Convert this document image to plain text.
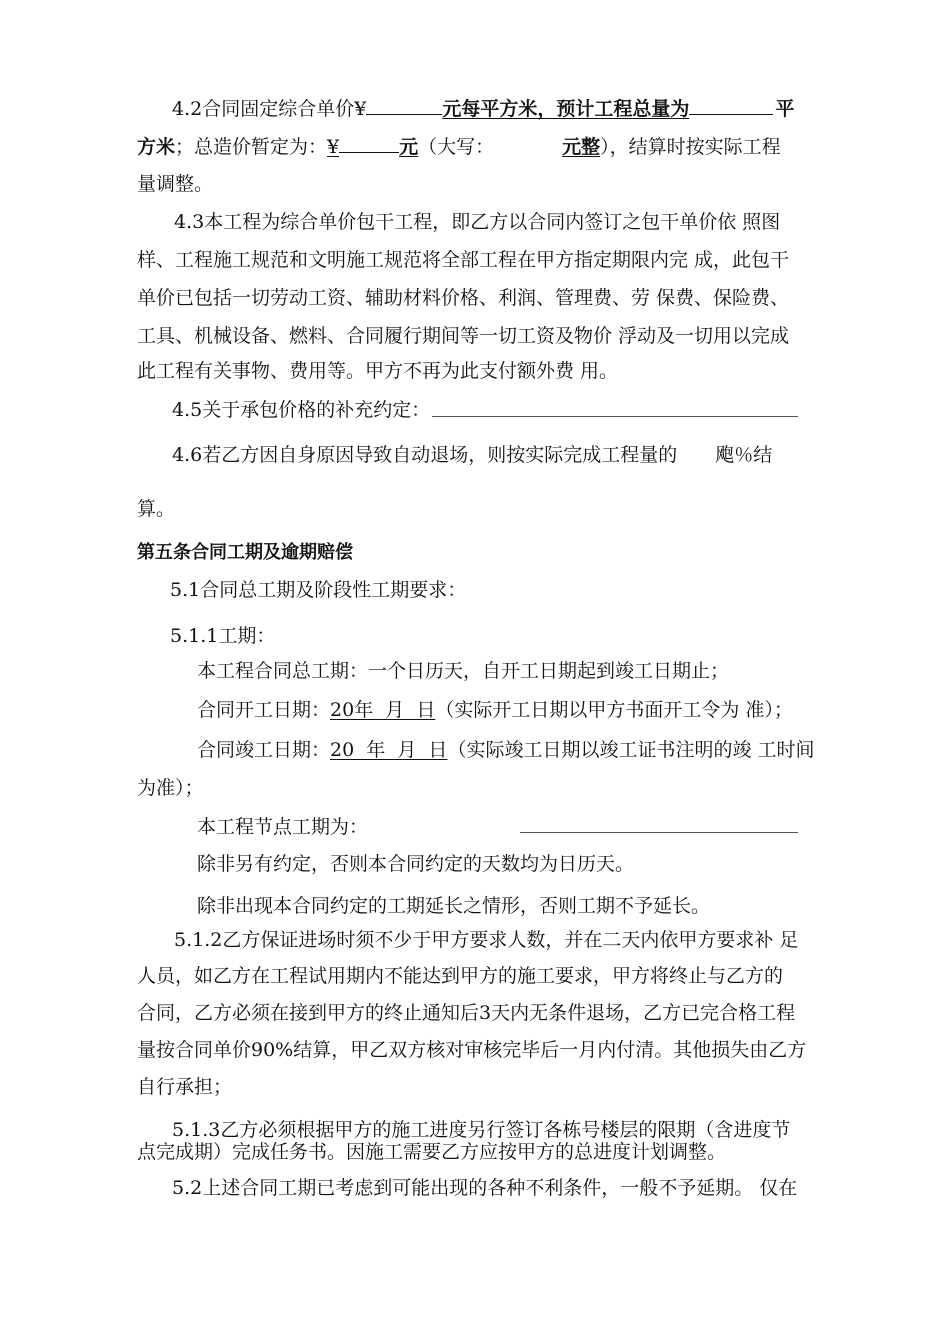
4.2合同固定综合单价¥	元每平方米，预计工程总量为	平
方米；总造价暂定为：¥	元（大写：	元整），结算时按实际工程
量调整。
4.3本工程为综合单价包干工程，即乙方以合同内签订之包干单价依 照图
样、工程施工规范和文明施工规范将全部工程在甲方指定期限内完 成，此包干
单价已包括一切劳动工资、辅助材料价格、利润、管理费、劳 保费、保险费、
工具、机械设备、燃料、合同履行期间等一切工资及物价 浮动及一切用以完成
此工程有关事物、费用等。甲方不再为此支付额外费 用。
4.5关于承包价格的补充约定：
4.6若乙方因自身原因导致自动退场，则按实际完成工程量的 飑％结
算。
第五条合同工期及逾期赔偿
5.1合同总工期及阶段性工期要求：
5.1.1工期：
本工程合同总工期：一个日历天，自开工日期起到竣工日期止；
合同开工日期：20年  月  日（实际开工日期以甲方书面开工令为 准）；
合同竣工日期：20  年  月  日（实际竣工日期以竣工证书注明的竣 工时间
为准）；
本工程节点工期为：
除非另有约定，否则本合同约定的天数均为日历天。
除非出现本合同约定的工期延长之情形，否则工期不予延长。
5.1.2乙方保证进场时须不少于甲方要求人数，并在二天内依甲方要求补 足
人员，如乙方在工程试用期内不能达到甲方的施工要求，甲方将终止与乙方的
合同，乙方必须在接到甲方的终止通知后3天内无条件退场，乙方已完合格工程
量按合同单价90%结算，甲乙双方核对审核完毕后一月内付清。其他损失由乙方
自行承担；
5.1.3乙方必须根据甲方的施工进度另行签订各栋号楼层的限期（含进度节
点完成期）完成任务书。因施工需要乙方应按甲方的总进度计划调整。
5.2上述合同工期已考虑到可能出现的各种不利条件，一般不予延期。 仅在
